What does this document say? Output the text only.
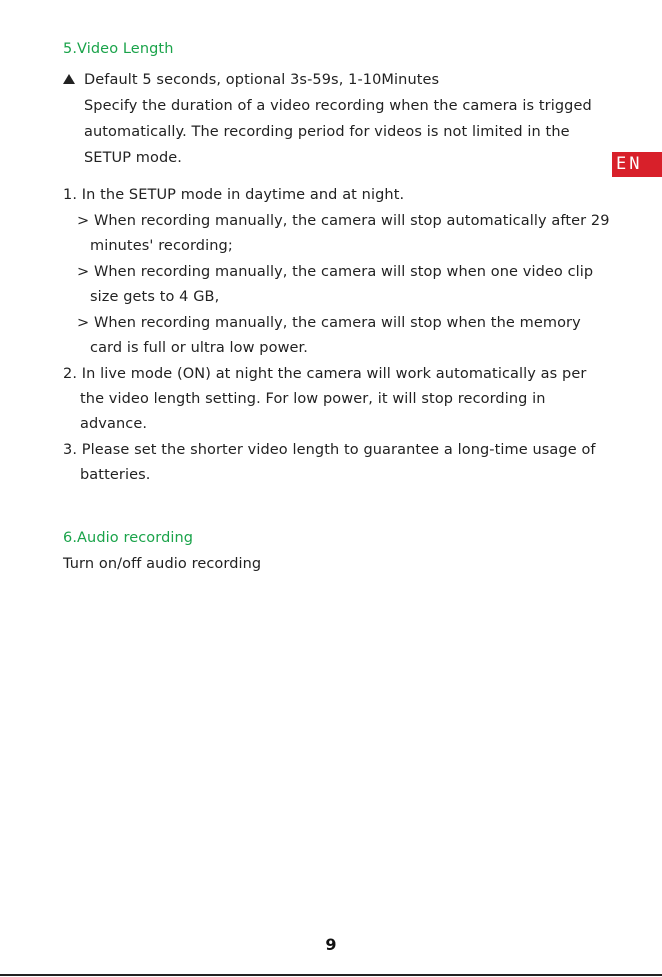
5.Video Length
Default 5 seconds, optional 3s-59s, 1-10Minutes
Specify the duration of a video recording when the camera is trigged
automatically. The recording period for videos is not limited in the
SETUP mode.
1. In the SETUP mode in daytime and at night.
> When recording manually, the camera will stop automatically after 29
minutes' recording;
> When recording manually, the camera will stop when one video clip
size gets to 4 GB,
> When recording manually, the camera will stop when the memory
card is full or ultra low power.
2. In live mode (ON) at night the camera will work automatically as per
the video length setting. For low power, it will stop recording in
advance.
3. Please set the shorter video length to guarantee a long-time usage of
batteries.
6.Audio recording
Turn on/off audio recording
EN
9
